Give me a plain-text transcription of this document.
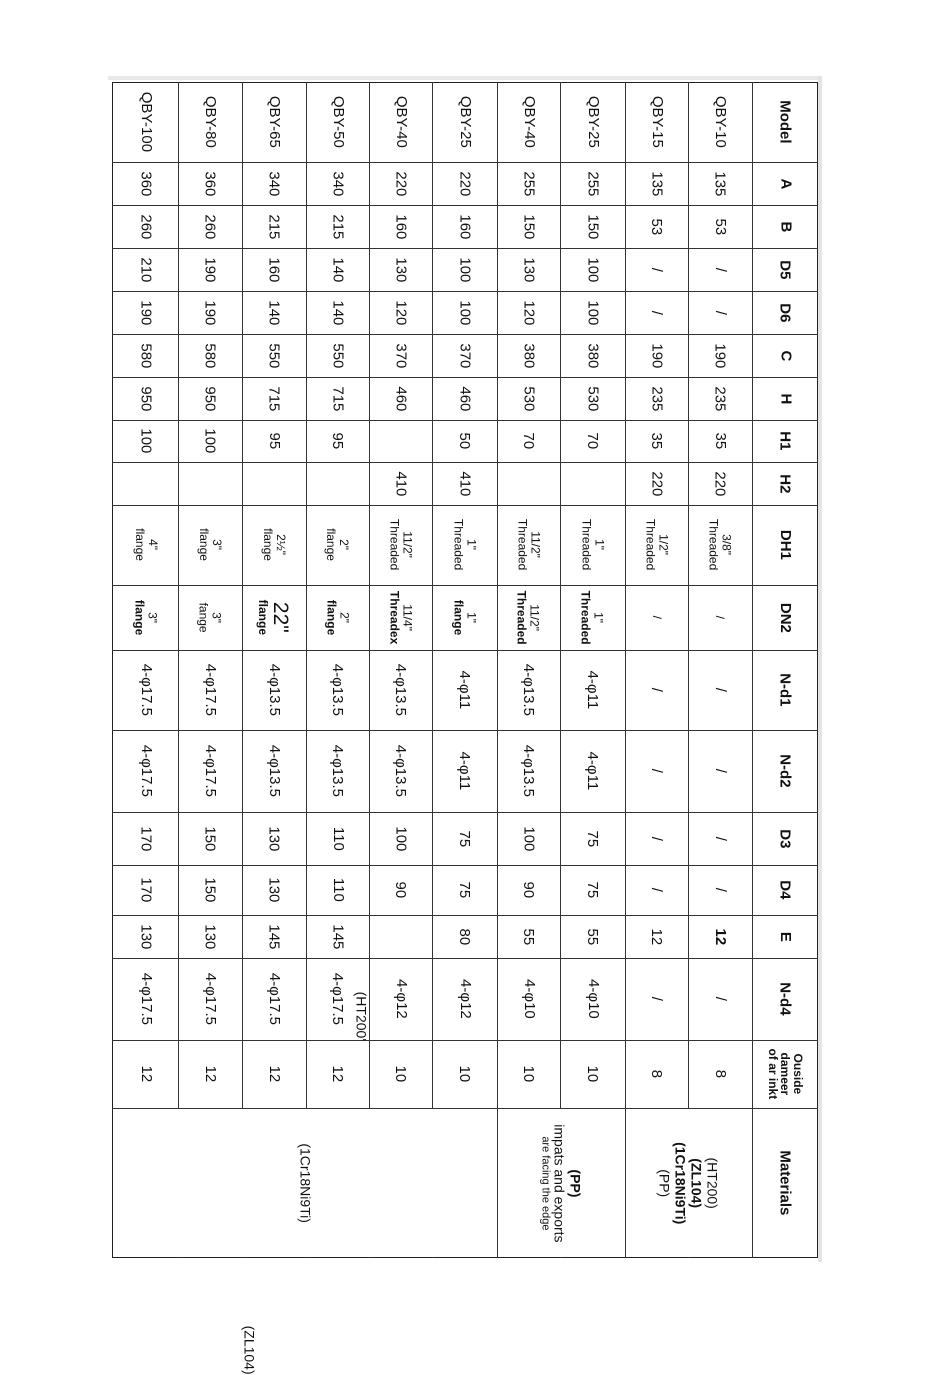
Model
A
B
D5
D6
C
H
H1
H2
DH1
DN2
N-d1
N-d2
D3
D4
E
N-d4
Ouside
dameer
of ar inkt
Materials
QBY-10
135
53
/
/
190
235
35
220
3/8"
Threaded
/
/
/
/
/
12
/
8
QBY-15
135
53
/
/
190
235
35
220
1/2"
Threaded
/
/
/
/
/
12
/
8
QBY-25
255
150
100
100
380
530
70
1"
Threaded
1"
Threaded
4-φ11
4-φ11
75
75
55
4-φ10
10
QBY-40
255
150
130
120
380
530
70
11/2"
Threaded
11/2"
Threaded
4-φ13.5
4-φ13.5
100
90
55
4-φ10
10
QBY-25
220
160
100
100
370
460
50
410
1"
Threaded
1"
flange
4-φ11
4-φ11
75
75
80
4-φ12
10
QBY-40
220
160
130
120
370
460
410
11/2"
Threaded
11/4"
Threadex
4-φ13.5
4-φ13.5
100
90
4-φ12
10
QBY-50
340
215
140
140
550
715
95
2"
flange
2"
flange
4-φ13.5
4-φ13.5
110
110
145
4-φ17.5
12
QBY-65
340
215
160
140
550
715
95
2½"
flange
22"
flange
4-φ13.5
4-φ13.5
130
130
145
4-φ17.5
12
QBY-80
360
260
190
190
580
950
100
3"
flange
3"
fange
4-φ17.5
4-φ17.5
150
150
130
4-φ17.5
12
QBY-100
360
260
210
190
580
950
100
4"
flange
3"
flange
4-φ17.5
4-φ17.5
170
170
130
4-φ17.5
12
(HT200)
(ZL104)
(1Cr18Ni9Ti)
(PP)
(PP)
impats and exports
are facing the edge
(HT200'
(1Cr18Ni9Ti)
(ZL104)
